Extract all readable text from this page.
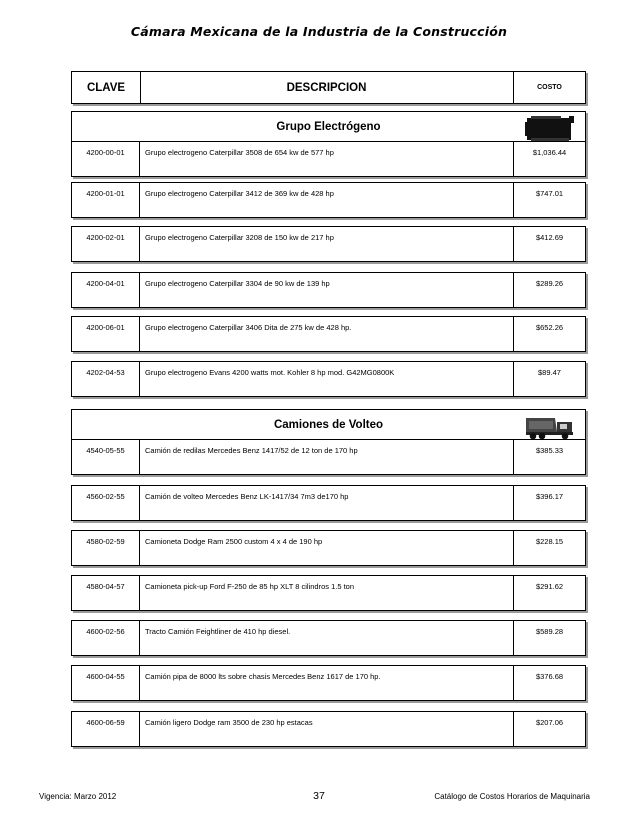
Cámara Mexicana de la Industria de la Construcción
CLAVE	DESCRIPCION	COSTO
Grupo Electrógeno
4200-00-01	Grupo electrogeno Caterpillar 3508 de 654 kw de 577 hp	$1,036.44
4200-01-01	Grupo electrogeno Caterpillar 3412 de 369 kw de 428 hp	$747.01
4200-02-01	Grupo electrogeno Caterpillar 3208 de 150 kw de 217 hp	$412.69
4200-04-01	Grupo electrogeno Caterpillar 3304 de 90 kw de 139 hp	$289.26
4200-06-01	Grupo electrogeno Caterpillar 3406 Dita de 275 kw de 428 hp.	$652.26
4202-04-53	Grupo electrogeno Evans 4200 watts mot. Kohler 8 hp mod. G42MG0800K	$89.47
Camiones de Volteo
4540-05-55	Camión de redilas Mercedes Benz 1417/52 de 12 ton de 170 hp	$385.33
4560-02-55	Camión de volteo Mercedes Benz LK-1417/34 7m3 de170 hp	$396.17
4580-02-59	Camioneta Dodge Ram 2500 custom 4 x 4 de 190 hp	$228.15
4580-04-57	Camioneta pick-up Ford F-250 de 85 hp XLT 8 cilindros 1.5 ton	$291.62
4600-02-56	Tracto Camión Feightliner de 410 hp diesel.	$589.28
4600-04-55	Camión pipa de 8000 lts sobre chasis Mercedes Benz 1617 de 170 hp.	$376.68
4600-06-59	Camión ligero Dodge ram 3500 de 230 hp estacas	$207.06
Vigencia: Marzo 2012	37	Catálogo de Costos Horarios de Maquinaria
